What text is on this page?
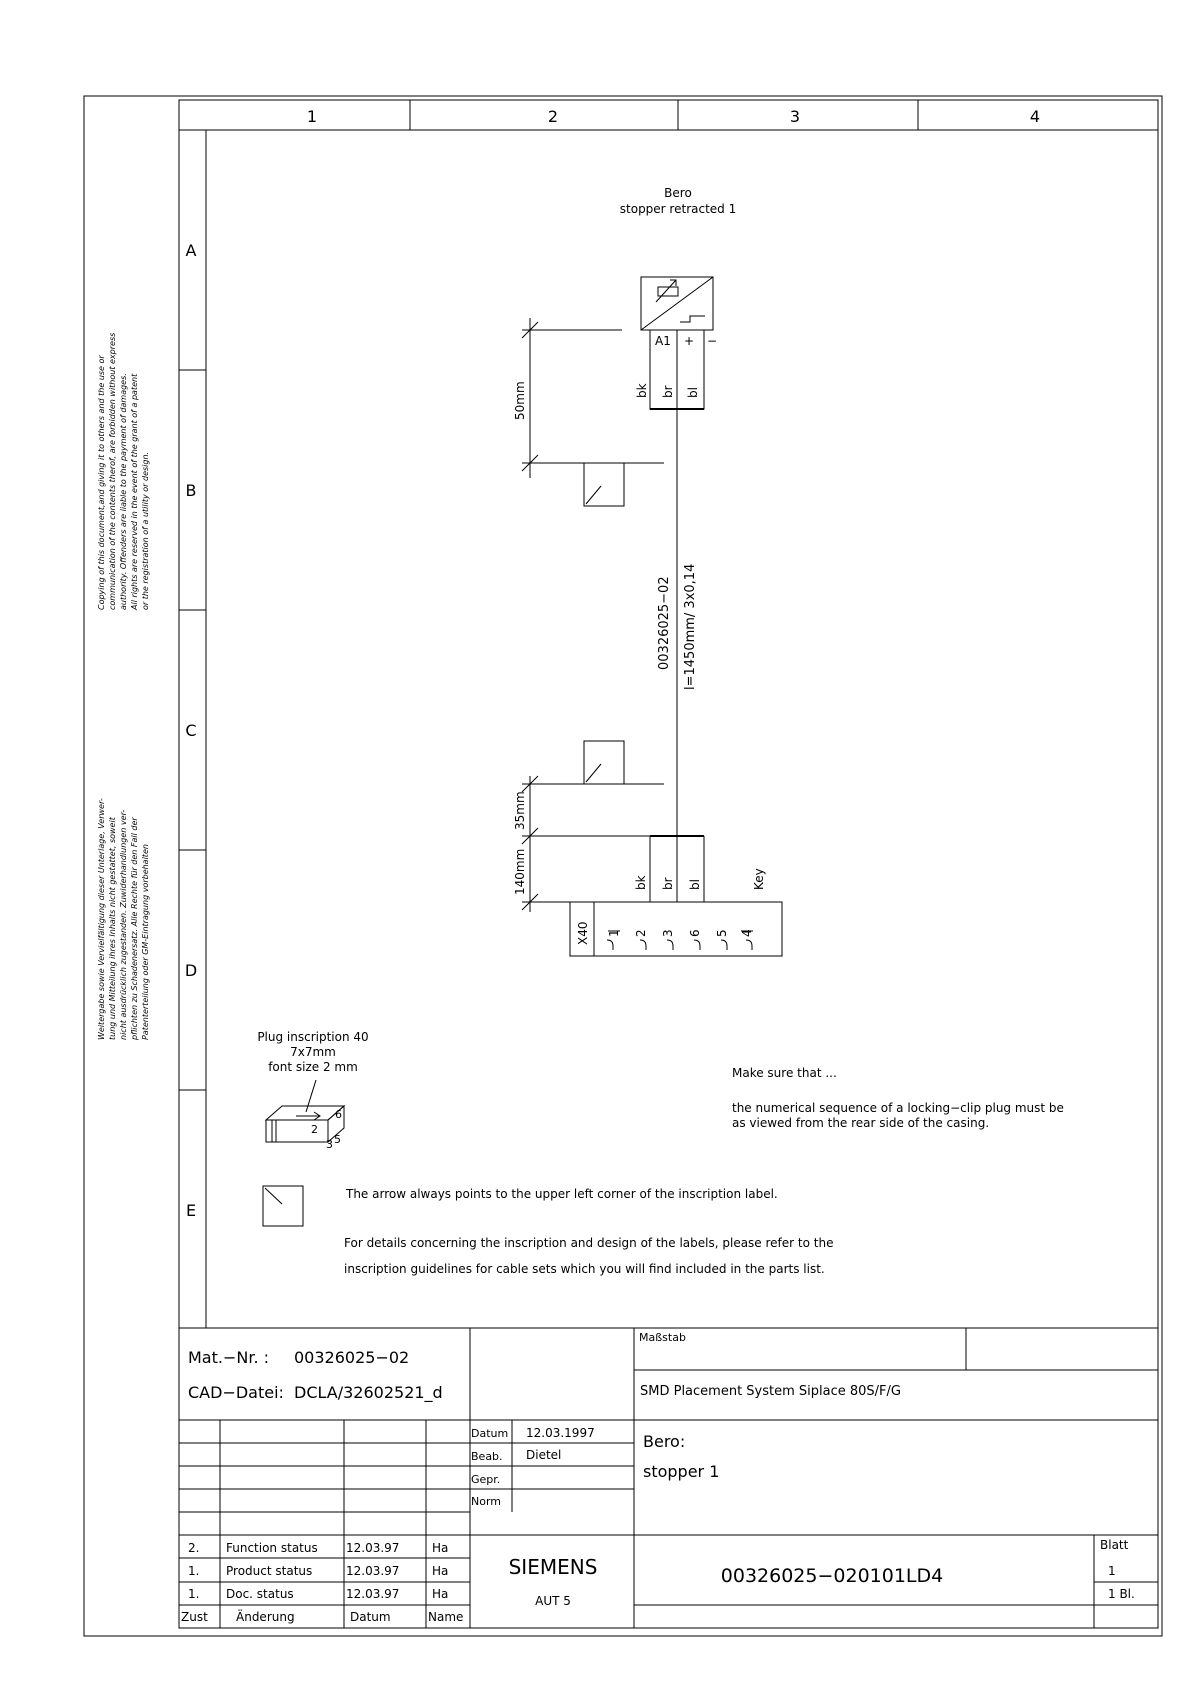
1	2	3	4
A
B
C
D
E
Copying of this document,and giving it to others and the use or communication of the contents therof, are forbidden without express authority. Offenders are liable to the payment of damages. All rights are reserved in the event of the grant of a patent or the registration of a utility or design.
Weitergabe sowie Vervielfältigung dieser Unterlage, Verwer- tung und Mitteilung ihres Inhalts nicht gestattet, soweit nicht ausdrücklich zugestanden. Zuwiderhandlungen ver- pflichten zu Schadenersatz. Alle Rechte für den Fall der Patenterteilung oder GM-Eintragung vorbehalten
Bero
stopper retracted 1
A1 + −
bk br bl
00326025−02 l=1450mm/ 3x0,14
50mm
35mm
140mm	bk br bl	Key
X40 1 2 3 6 5 4
Plug inscription 40
7x7mm
font size 2 mm
6
2
3 5
Make sure that ...
the numerical sequence of a locking−clip plug must be
as viewed from the rear side of the casing.
The arrow always points to the upper left corner of the inscription label.
For details concerning the inscription and design of the labels, please refer to the
inscription guidelines for cable sets which you will find included in the parts list.
Mat.−Nr. : 00326025−02
CAD−Datei: DCLA/32602521_d
Maßstab
SMD Placement System Siplace 80S/F/G
Datum 12.03.1997
Beab. Dietel
Gepr.
Norm
Bero:
stopper 1
2. Function status 12.03.97	Ha
1. Product status	12.03.97	Ha
1. Doc. status	12.03.97	Ha
Zust Änderung	Datum	Name
SIEMENS
AUT 5
00326025−020101LD4
Blatt
1
1 Bl.
